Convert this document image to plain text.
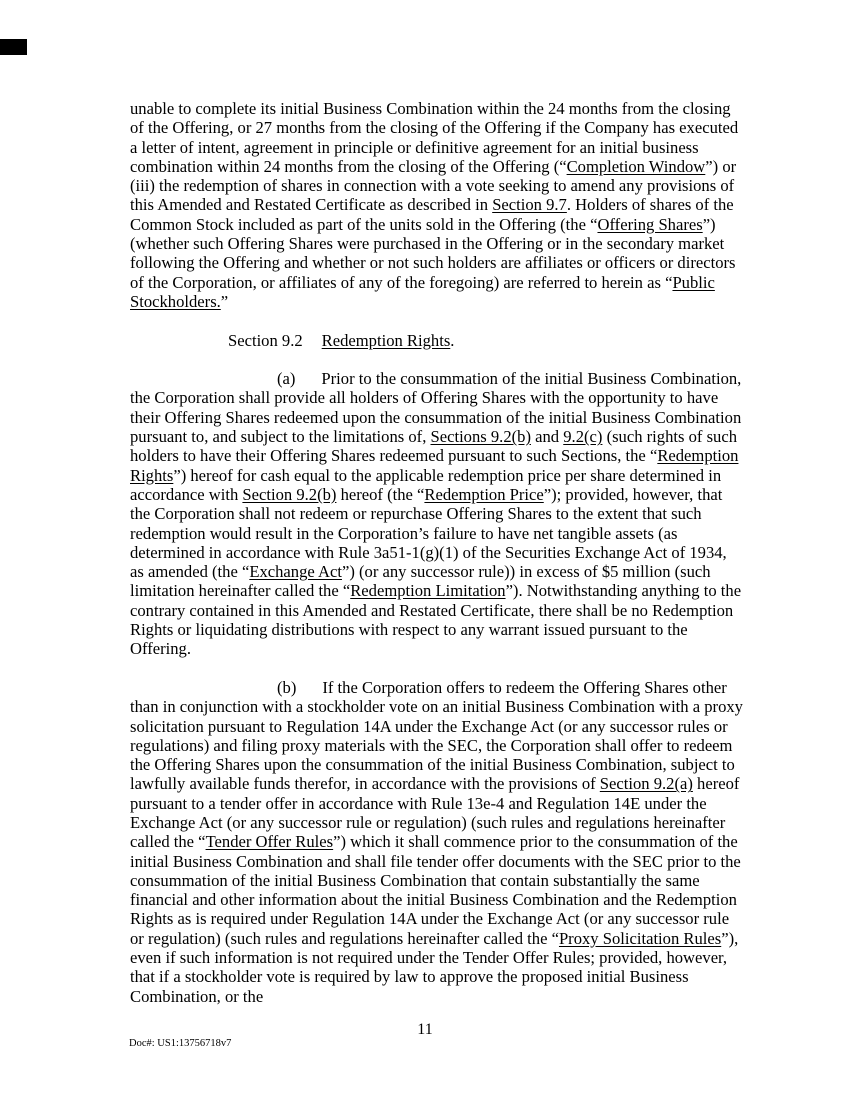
unable to complete its initial Business Combination within the 24 months from the closing of the Offering, or 27 months from the closing of the Offering if the Company has executed a letter of intent, agreement in principle or definitive agreement for an initial business combination within 24 months from the closing of the Offering (“Completion Window”) or (iii) the redemption of shares in connection with a vote seeking to amend any provisions of this Amended and Restated Certificate as described in Section 9.7. Holders of shares of the Common Stock included as part of the units sold in the Offering (the “Offering Shares”) (whether such Offering Shares were purchased in the Offering or in the secondary market following the Offering and whether or not such holders are affiliates or officers or directors of the Corporation, or affiliates of any of the foregoing) are referred to herein as “Public Stockholders.”

Section 9.2 Redemption Rights.

(a) Prior to the consummation of the initial Business Combination, the Corporation shall provide all holders of Offering Shares with the opportunity to have their Offering Shares redeemed upon the consummation of the initial Business Combination pursuant to, and subject to the limitations of, Sections 9.2(b) and 9.2(c) (such rights of such holders to have their Offering Shares redeemed pursuant to such Sections, the “Redemption Rights”) hereof for cash equal to the applicable redemption price per share determined in accordance with Section 9.2(b) hereof (the “Redemption Price”); provided, however, that the Corporation shall not redeem or repurchase Offering Shares to the extent that such redemption would result in the Corporation’s failure to have net tangible assets (as determined in accordance with Rule 3a51-1(g)(1) of the Securities Exchange Act of 1934, as amended (the “Exchange Act”) (or any successor rule)) in excess of $5 million (such limitation hereinafter called the “Redemption Limitation”). Notwithstanding anything to the contrary contained in this Amended and Restated Certificate, there shall be no Redemption Rights or liquidating distributions with respect to any warrant issued pursuant to the Offering.

(b) If the Corporation offers to redeem the Offering Shares other than in conjunction with a stockholder vote on an initial Business Combination with a proxy solicitation pursuant to Regulation 14A under the Exchange Act (or any successor rules or regulations) and filing proxy materials with the SEC, the Corporation shall offer to redeem the Offering Shares upon the consummation of the initial Business Combination, subject to lawfully available funds therefor, in accordance with the provisions of Section 9.2(a) hereof pursuant to a tender offer in accordance with Rule 13e-4 and Regulation 14E under the Exchange Act (or any successor rule or regulation) (such rules and regulations hereinafter called the “Tender Offer Rules”) which it shall commence prior to the consummation of the initial Business Combination and shall file tender offer documents with the SEC prior to the consummation of the initial Business Combination that contain substantially the same financial and other information about the initial Business Combination and the Redemption Rights as is required under Regulation 14A under the Exchange Act (or any successor rule or regulation) (such rules and regulations hereinafter called the “Proxy Solicitation Rules”), even if such information is not required under the Tender Offer Rules; provided, however, that if a stockholder vote is required by law to approve the proposed initial Business Combination, or the

11
Doc#: US1:13756718v7
